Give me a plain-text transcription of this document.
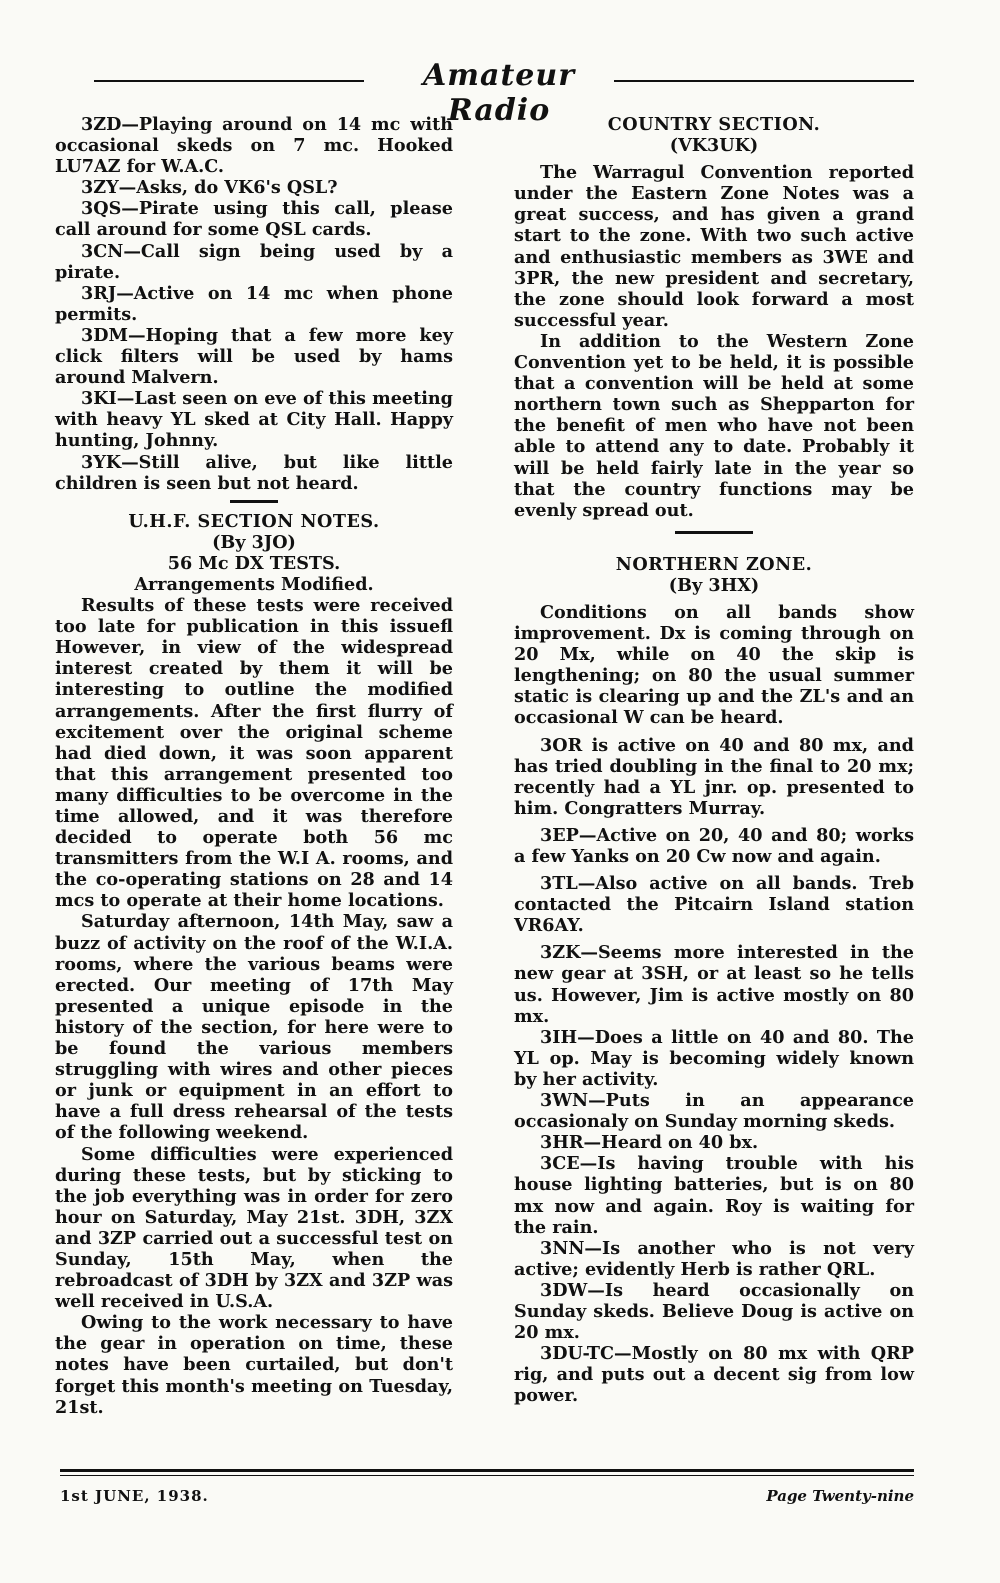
Amateur Radio

3ZD—Playing around on 14 mc with occasional skeds on 7 mc. Hooked LU7AZ for W.A.C.

3ZY—Asks, do VK6's QSL?

3QS—Pirate using this call, please call around for some QSL cards.

3CN—Call sign being used by a pirate.

3RJ—Active on 14 mc when phone permits.

3DM—Hoping that a few more key click filters will be used by hams around Malvern.

3KI—Last seen on eve of this meeting with heavy YL sked at City Hall. Happy hunting, Johnny.

3YK—Still alive, but like little children is seen but not heard.

U.H.F. SECTION NOTES.

(By 3JO)

56 Mc DX TESTS.

Arrangements Modified.

Results of these tests were received too late for publication in this issuefl However, in view of the widespread interest created by them it will be interesting to outline the modified arrangements. After the first flurry of excitement over the original scheme had died down, it was soon apparent that this arrangement presented too many difficulties to be overcome in the time allowed, and it was therefore decided to operate both 56 mc transmitters from the W.I A. rooms, and the co-operating stations on 28 and 14 mcs to operate at their home locations.

Saturday afternoon, 14th May, saw a buzz of activity on the roof of the W.I.A. rooms, where the various beams were erected. Our meeting of 17th May presented a unique episode in the history of the section, for here were to be found the various members struggling with wires and other pieces or junk or equipment in an effort to have a full dress rehearsal of the tests of the following weekend.

Some difficulties were experienced during these tests, but by sticking to the job everything was in order for zero hour on Saturday, May 21st. 3DH, 3ZX and 3ZP carried out a successful test on Sunday, 15th May, when the rebroadcast of 3DH by 3ZX and 3ZP was well received in U.S.A.

Owing to the work necessary to have the gear in operation on time, these notes have been curtailed, but don't forget this month's meeting on Tuesday, 21st.

COUNTRY SECTION.

(VK3UK)

The Warragul Convention reported under the Eastern Zone Notes was a great success, and has given a grand start to the zone. With two such active and enthusiastic members as 3WE and 3PR, the new president and secretary, the zone should look forward a most successful year.

In addition to the Western Zone Convention yet to be held, it is possible that a convention will be held at some northern town such as Shepparton for the benefit of men who have not been able to attend any to date. Probably it will be held fairly late in the year so that the country functions may be evenly spread out.

NORTHERN ZONE.

(By 3HX)

Conditions on all bands show improvement. Dx is coming through on 20 Mx, while on 40 the skip is lengthening; on 80 the usual summer static is clearing up and the ZL's and an occasional W can be heard.

3OR is active on 40 and 80 mx, and has tried doubling in the final to 20 mx; recently had a YL jnr. op. presented to him. Congratters Murray.

3EP—Active on 20, 40 and 80; works a few Yanks on 20 Cw now and again.

3TL—Also active on all bands. Treb contacted the Pitcairn Island station VR6AY.

3ZK—Seems more interested in the new gear at 3SH, or at least so he tells us. However, Jim is active mostly on 80 mx.

3IH—Does a little on 40 and 80. The YL op. May is becoming widely known by her activity.

3WN—Puts in an appearance occasionaly on Sunday morning skeds.

3HR—Heard on 40 bx.

3CE—Is having trouble with his house lighting batteries, but is on 80 mx now and again. Roy is waiting for the rain.

3NN—Is another who is not very active; evidently Herb is rather QRL.

3DW—Is heard occasionally on Sunday skeds. Believe Doug is active on 20 mx.

3DU-TC—Mostly on 80 mx with QRP rig, and puts out a decent sig from low power.

1st JUNE, 1938.	Page Twenty-nine
